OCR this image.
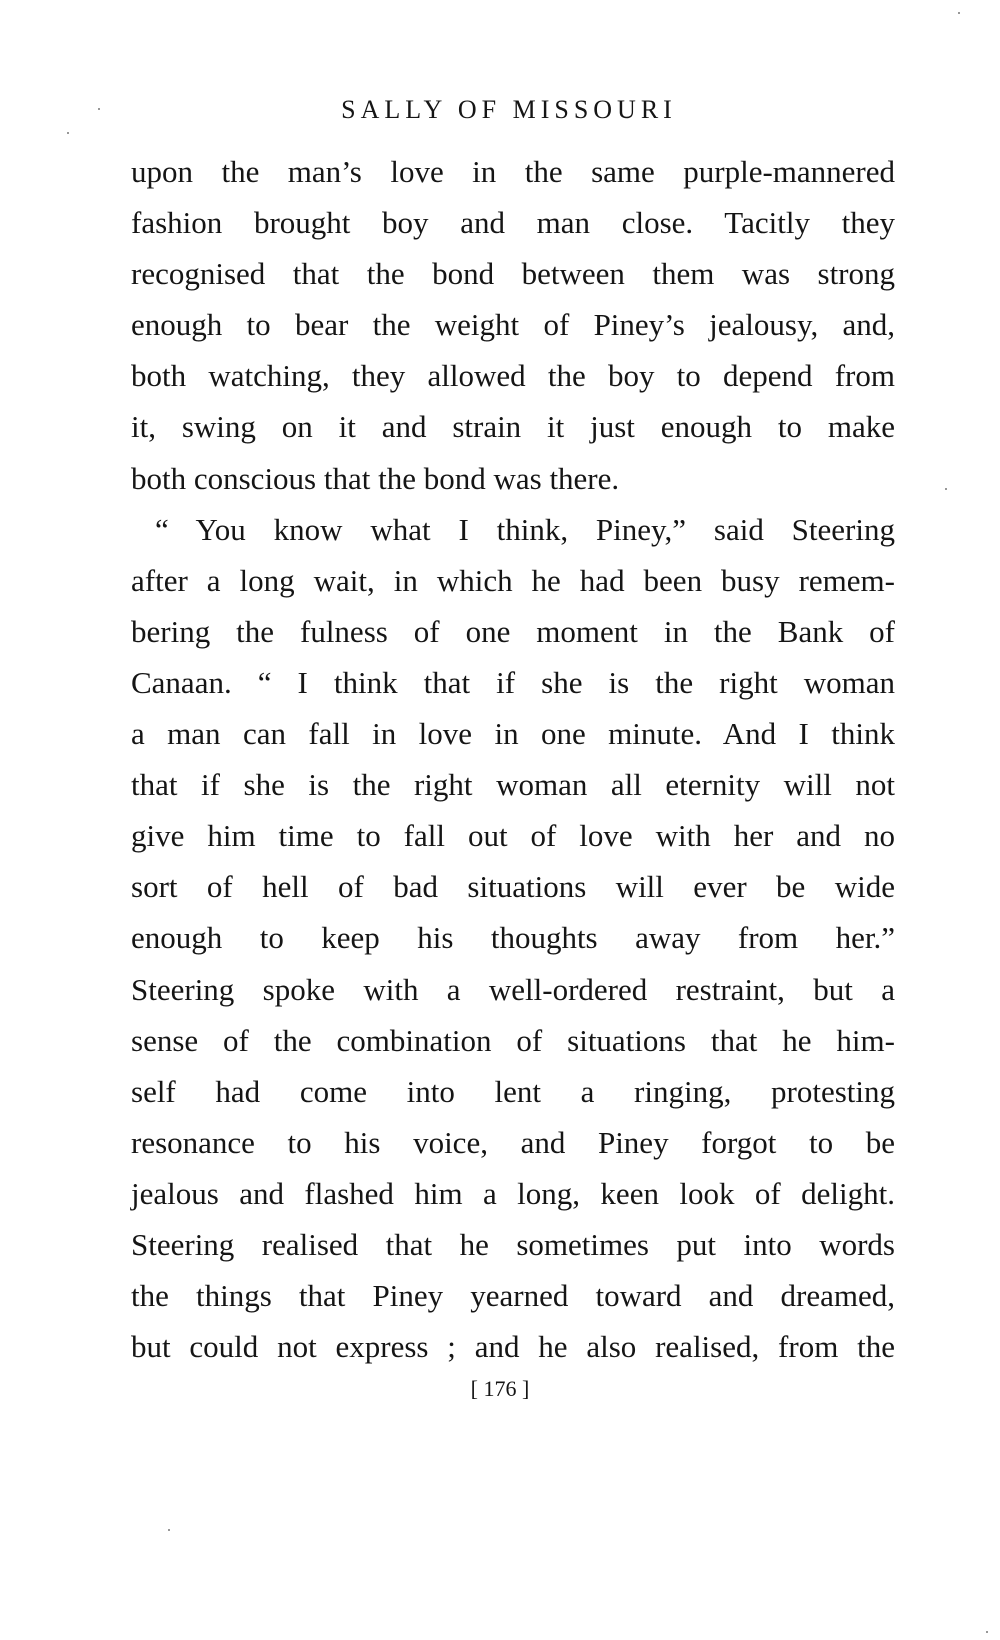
SALLY OF MISSOURI
upon the man’s love in the same purple-mannered
fashion brought boy and man close. Tacitly they
recognised that the bond between them was strong
enough to bear the weight of Piney’s jealousy, and,
both watching, they allowed the boy to depend from
it, swing on it and strain it just enough to make
both conscious that the bond was there.
“ You know what I think, Piney,” said Steering
after a long wait, in which he had been busy remem-
bering the fulness of one moment in the Bank of
Canaan. “ I think that if she is the right woman
a man can fall in love in one minute. And I think
that if she is the right woman all eternity will not
give him time to fall out of love with her and no
sort of hell of bad situations will ever be wide
enough to keep his thoughts away from her.”
Steering spoke with a well-ordered restraint, but a
sense of the combination of situations that he him-
self had come into lent a ringing, protesting
resonance to his voice, and Piney forgot to be
jealous and flashed him a long, keen look of delight.
Steering realised that he sometimes put into words
the things that Piney yearned toward and dreamed,
but could not express ; and he also realised, from the

[ 176 ]
